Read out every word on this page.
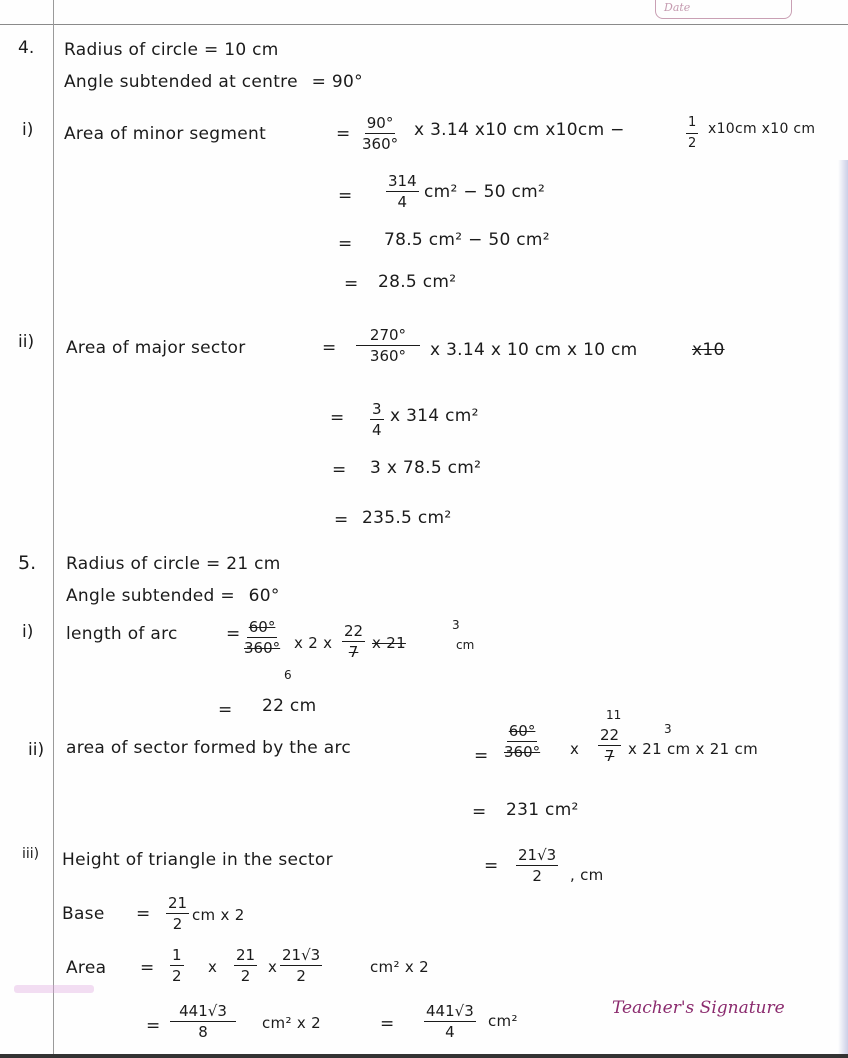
Date
4. Radius of circle = 10 cm
Angle subtended at centre = 90°
i) Area of minor segment	= $\frac{90^\circ}{360^\circ}$ x 3.14 x10 cm x10cm −	$\frac{1}{2} x10cm$ x10 cm
= $\frac{314}{4} cm^2 - 50$ cm²
= 78.5 cm² − 50 cm²
= 28.5 cm²
ii) Area of major sector	= $\frac{270^\circ}{360^\circ}$ x 3.14 x 10 cm x 10 cm	x10
= $\frac{3}{4}$ x 314 cm²
= 3 x 78.5 cm²
= 235.5 cm²
5. Radius of circle = 21 cm
Angle subtended = 60°
i) length of arc	= $\frac{60^\circ}{360^\circ}$
6
x 2 x $\frac{22}{7}$ x 21
3
cm
= 22 cm
ii) area of sector formed by the arc	= $\frac{60^\circ}{360^\circ}$ x
11
$\frac{22}{7}$ x 21 cm x 21 cm
3
= 231 cm²
iii) Height of triangle in the sector	= $\frac{21√3}{2}$ , cm
Base = $\frac{21}{2}$ cm x 2
Area = $\frac{1}{2}$ x $\frac{21}{2}$ x $\frac{21√3}{2}$	cm² x 2
= $\frac{441√3}{8} cm^2$ x 2	= $\frac{441√3}{4} cm^2$
Teacher's Signature
